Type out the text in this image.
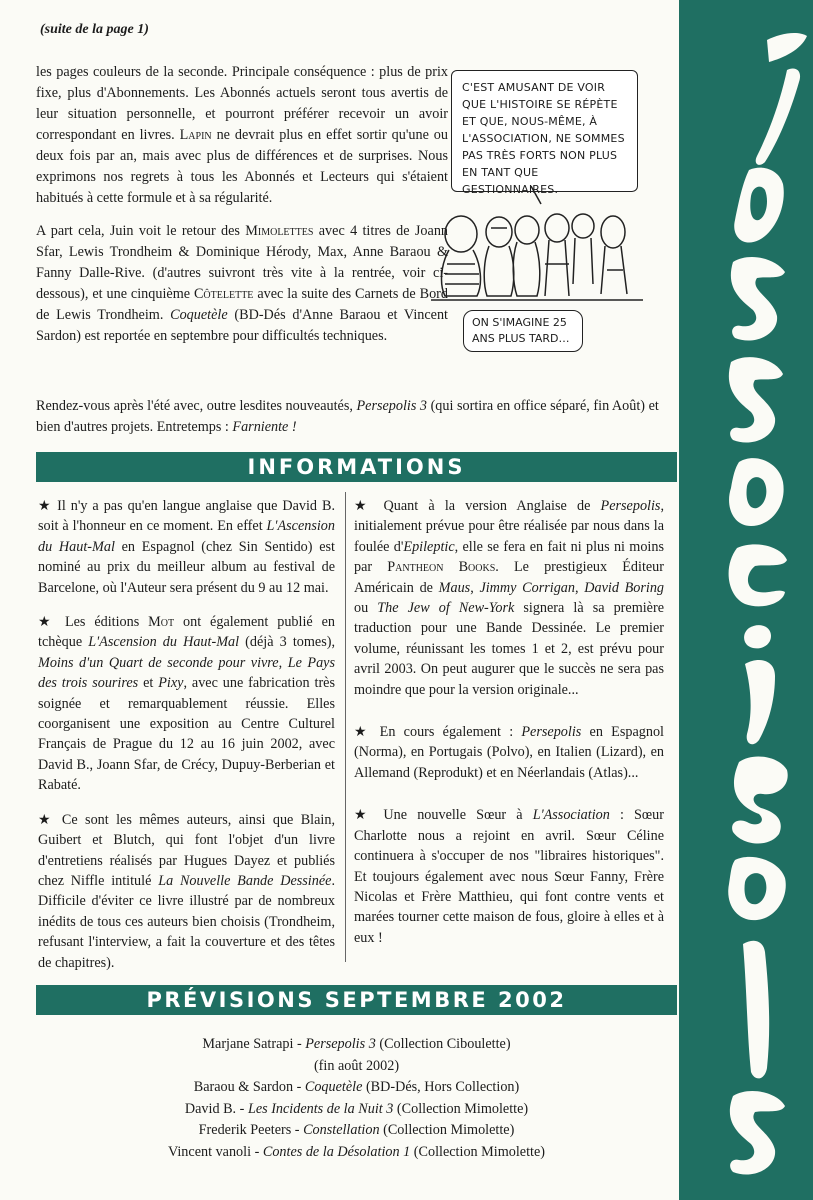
(suite de la page 1)

les pages couleurs de la seconde. Principale conséquence : plus de prix fixe, plus d'Abonnements. Les Abonnés actuels seront tous avertis de leur situation personnelle, et pourront préférer recevoir un avoir correspondant en livres. Lapin ne devrait plus en effet sortir qu'une ou deux fois par an, mais avec plus de différences et de surprises. Nous exprimons nos regrets à tous les Abonnés et Lecteurs qui s'étaient habitués à cette formule et à sa régularité.

A part cela, Juin voit le retour des Mimolettes avec 4 titres de Joann Sfar, Lewis Trondheim & Dominique Hérody, Max, Anne Baraou & Fanny Dalle-Rive. (d'autres suivront très vite à la rentrée, voir ci-dessous), et une cinquième Côtelette avec la suite des Carnets de Bord de Lewis Trondheim. Coquetèle (BD-Dés d'Anne Baraou et Vincent Sardon) est reportée en septembre pour difficultés techniques.

C'EST AMUSANT DE VOIR QUE L'HISTOIRE SE RÉPÈTE ET QUE, NOUS-MÊME, À L'ASSOCIATION, NE SOMMES PAS TRÈS FORTS NON PLUS EN TANT QUE GESTIONNAIRES.
ON S'IMAGINE 25 ANS PLUS TARD…
Rendez-vous après l'été avec, outre lesdites nouveautés, Persepolis 3 (qui sortira en office séparé, fin Août) et bien d'autres projets. Entretemps : Farniente !
INFORMATIONS

★ Il n'y a pas qu'en langue anglaise que David B. soit à l'honneur en ce moment. En effet L'Ascension du Haut-Mal en Espagnol (chez Sin Sentido) est nominé au prix du meilleur album au festival de Barcelone, où l'Auteur sera présent du 9 au 12 mai.

★ Les éditions Mot ont également publié en tchèque L'Ascension du Haut-Mal (déjà 3 tomes), Moins d'un Quart de seconde pour vivre, Le Pays des trois sourires et Pixy, avec une fabrication très soignée et remarquablement réussie. Elles coorganisent une exposition au Centre Culturel Français de Prague du 12 au 16 juin 2002, avec David B., Joann Sfar, de Crécy, Dupuy-Berberian et Rabaté.

★ Ce sont les mêmes auteurs, ainsi que Blain, Guibert et Blutch, qui font l'objet d'un livre d'entretiens réalisés par Hugues Dayez et publiés chez Niffle intitulé La Nouvelle Bande Dessinée. Difficile d'éviter ce livre illustré par de nombreux inédits de tous ces auteurs bien choisis (Trondheim, refusant l'interview, a fait la couverture et des têtes de chapitres).

★ Quant à la version Anglaise de Persepolis, initialement prévue pour être réalisée par nous dans la foulée d'Epileptic, elle se fera en fait ni plus ni moins par Pantheon Books. Le prestigieux Éditeur Américain de Maus, Jimmy Corrigan, David Boring ou The Jew of New-York signera là sa première traduction pour une Bande Dessinée. Le premier volume, réunissant les tomes 1 et 2, est prévu pour avril 2003. On peut augurer que le succès ne sera pas moindre que pour la version originale...

★ En cours également : Persepolis en Espagnol (Norma), en Portugais (Polvo), en Italien (Lizard), en Allemand (Reprodukt) et en Néerlandais (Atlas)...

★ Une nouvelle Sœur à L'Association : Sœur Charlotte nous a rejoint en avril. Sœur Céline continuera à s'occuper de nos "libraires historiques". Et toujours également avec nous Sœur Fanny, Frère Nicolas et Frère Matthieu, qui font contre vents et marées tourner cette maison de fous, gloire à elles et à eux !

PRÉVISIONS SEPTEMBRE 2002
Marjane Satrapi - Persepolis 3 (Collection Ciboulette)
(fin août 2002)
Baraou & Sardon - Coquetèle (BD-Dés, Hors Collection)
David B. - Les Incidents de la Nuit 3 (Collection Mimolette)
Frederik Peeters - Constellation (Collection Mimolette)
Vincent vanoli - Contes de la Désolation 1 (Collection Mimolette)
